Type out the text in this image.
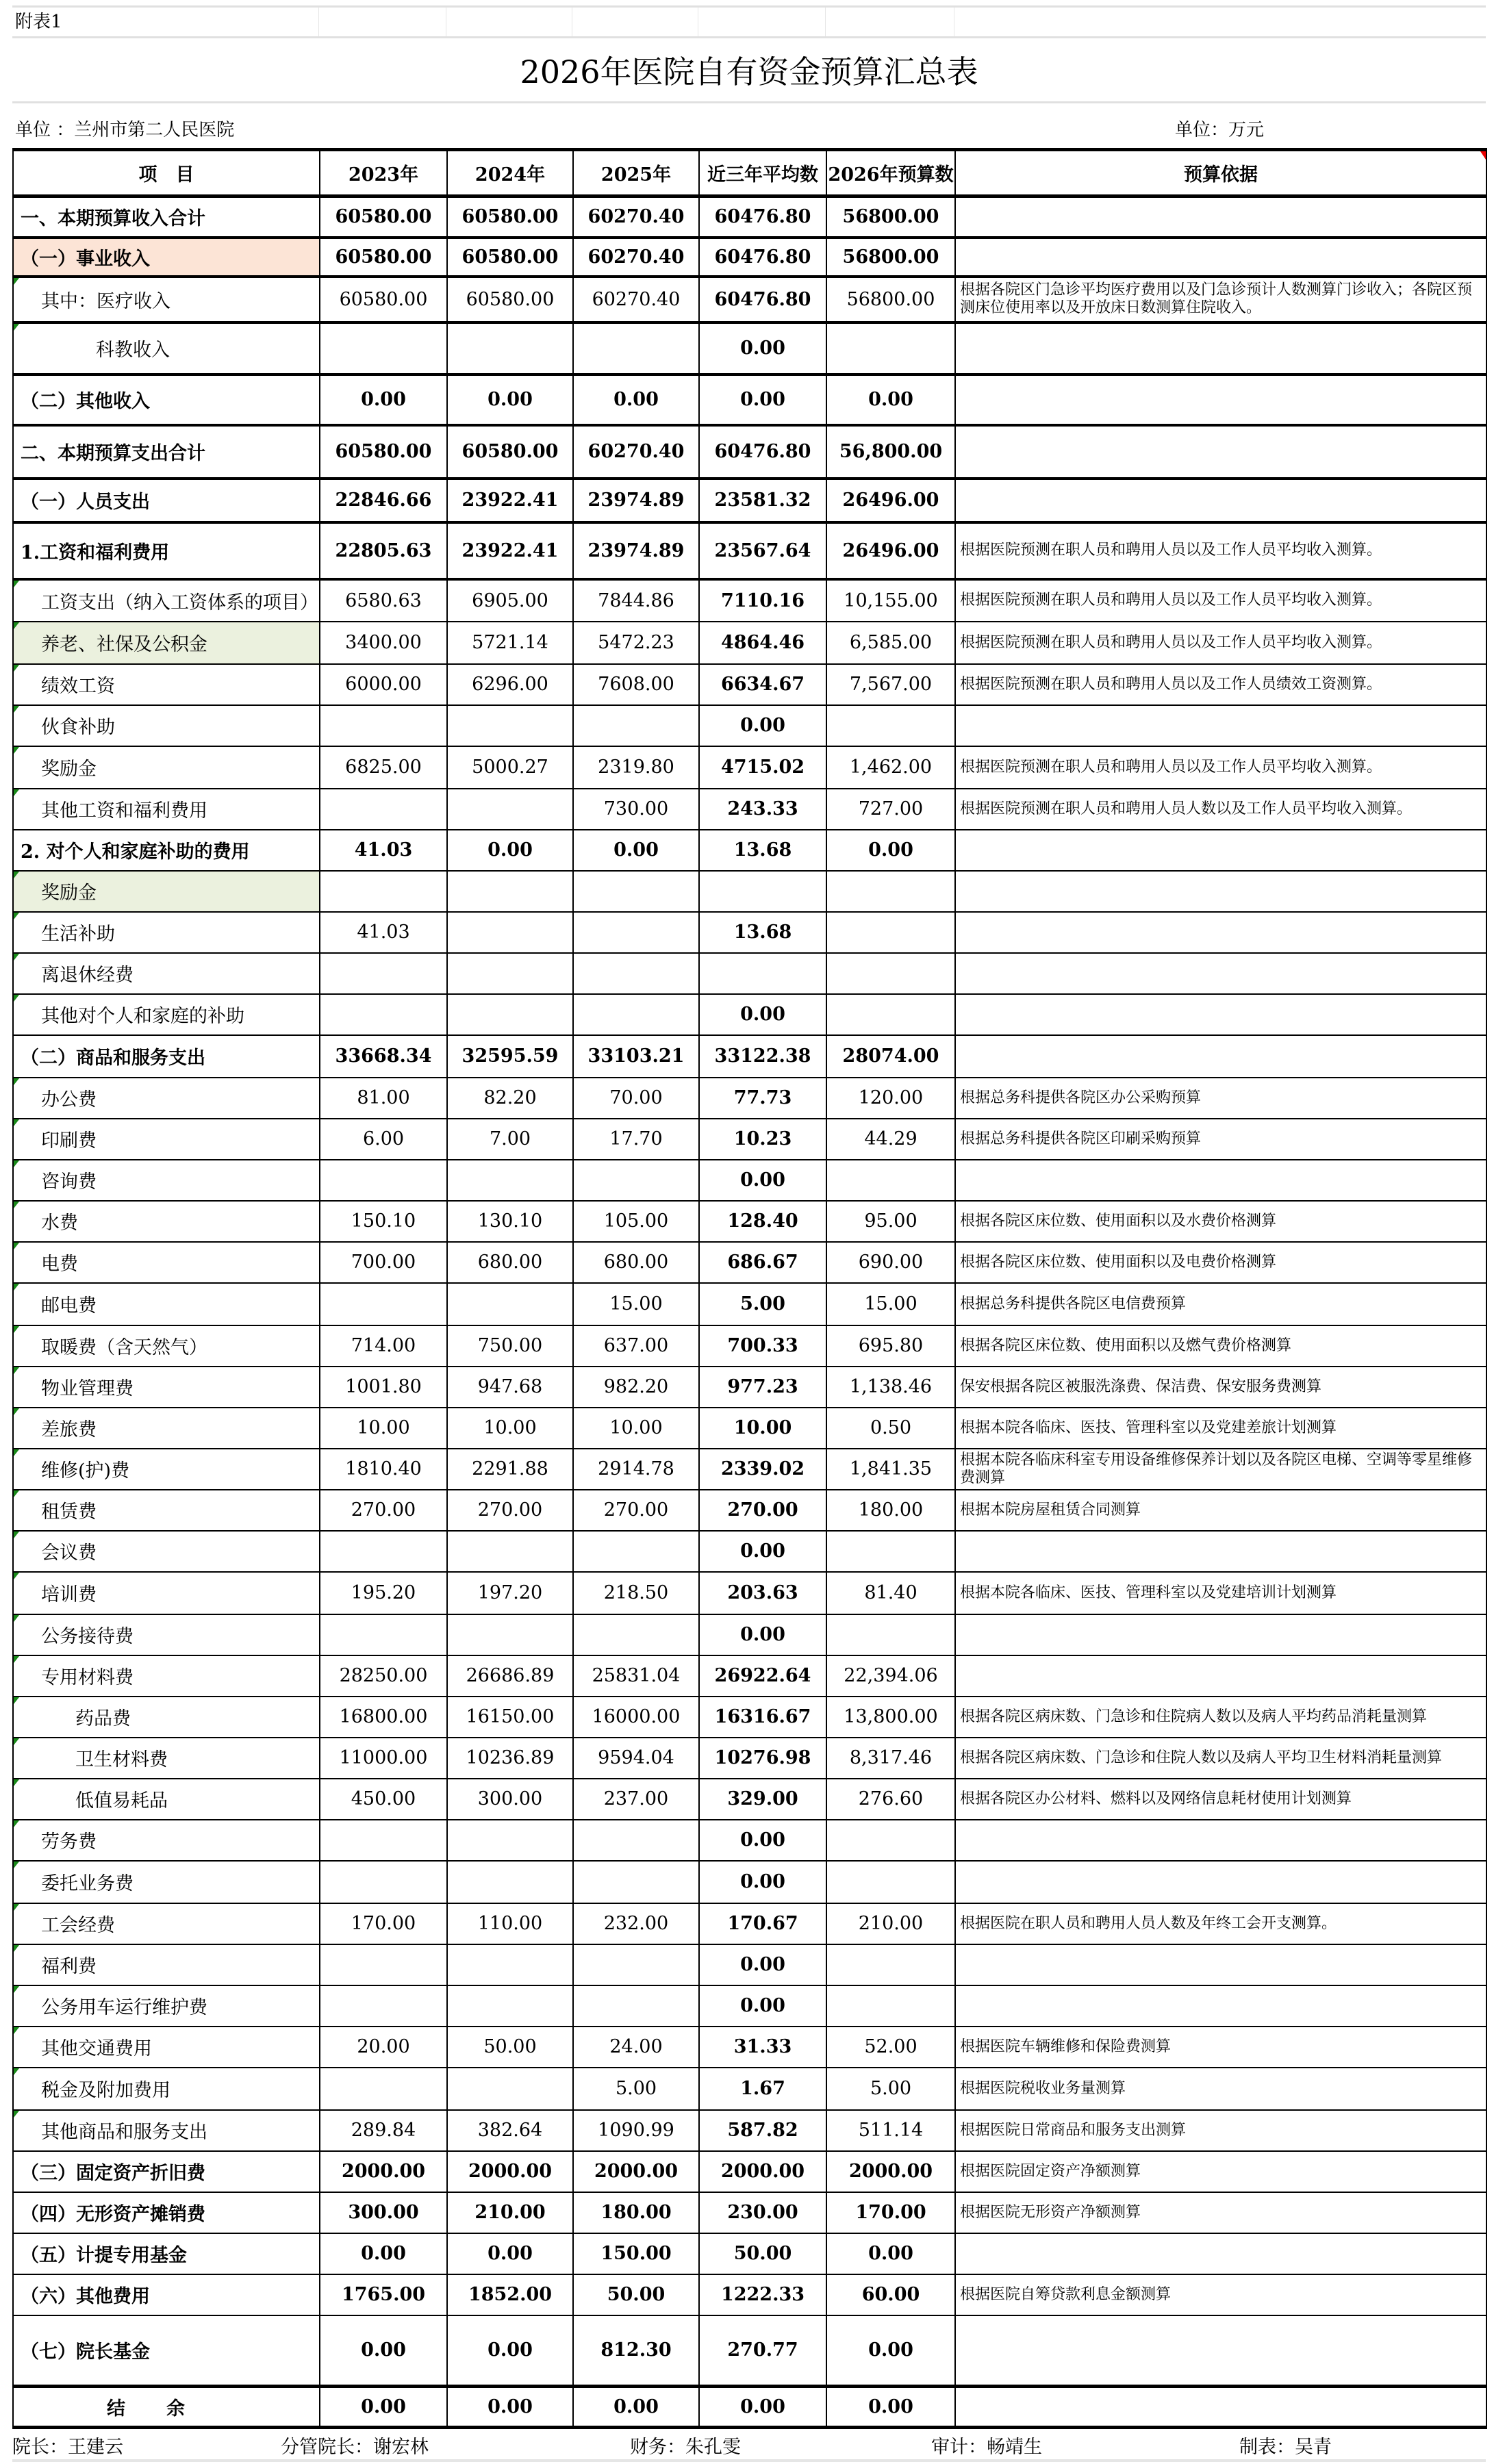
附表1
2026年医院自有资金预算汇总表
单位 ：兰州市第二人民医院	单位：万元
项　目	2023年	2024年	2025年	近三年平均数	2026年预算数	预算依据

一、本期预算收入合计	60580.00	60580.00	60270.40	60476.80	56800.00	
（一）事业收入	60580.00	60580.00	60270.40	60476.80	56800.00	
其中：医疗收入	60580.00	60580.00	60270.40	60476.80	56800.00	根据各院区门急诊平均医疗费用以及门急诊预计人数测算门诊收入；各院区预测床位使用率以及开放床日数测算住院收入。
科教收入				0.00		
（二）其他收入	0.00	0.00	0.00	0.00	0.00	
二、本期预算支出合计	60580.00	60580.00	60270.40	60476.80	56,800.00	
（一）人员支出	22846.66	23922.41	23974.89	23581.32	26496.00	
1.工资和福利费用	22805.63	23922.41	23974.89	23567.64	26496.00	根据医院预测在职人员和聘用人员以及工作人员平均收入测算。
工资支出（纳入工资体系的项目）	6580.63	6905.00	7844.86	7110.16	10,155.00	根据医院预测在职人员和聘用人员以及工作人员平均收入测算。
养老、社保及公积金	3400.00	5721.14	5472.23	4864.46	6,585.00	根据医院预测在职人员和聘用人员以及工作人员平均收入测算。
绩效工资	6000.00	6296.00	7608.00	6634.67	7,567.00	根据医院预测在职人员和聘用人员以及工作人员绩效工资测算。
伙食补助				0.00		
奖励金	6825.00	5000.27	2319.80	4715.02	1,462.00	根据医院预测在职人员和聘用人员以及工作人员平均收入测算。
其他工资和福利费用			730.00	243.33	727.00	根据医院预测在职人员和聘用人员人数以及工作人员平均收入测算。
2. 对个人和家庭补助的费用	41.03	0.00	0.00	13.68	0.00	
奖励金						
生活补助	41.03			13.68		
离退休经费						
其他对个人和家庭的补助				0.00		
（二）商品和服务支出	33668.34	32595.59	33103.21	33122.38	28074.00	
办公费	81.00	82.20	70.00	77.73	120.00	根据总务科提供各院区办公采购预算
印刷费	6.00	7.00	17.70	10.23	44.29	根据总务科提供各院区印刷采购预算
咨询费				0.00		
水费	150.10	130.10	105.00	128.40	95.00	根据各院区床位数、使用面积以及水费价格测算
电费	700.00	680.00	680.00	686.67	690.00	根据各院区床位数、使用面积以及电费价格测算
邮电费			15.00	5.00	15.00	根据总务科提供各院区电信费预算
取暖费（含天然气）	714.00	750.00	637.00	700.33	695.80	根据各院区床位数、使用面积以及燃气费价格测算
物业管理费	1001.80	947.68	982.20	977.23	1,138.46	保安根据各院区被服洗涤费、保洁费、保安服务费测算
差旅费	10.00	10.00	10.00	10.00	0.50	根据本院各临床、医技、管理科室以及党建差旅计划测算
维修(护)费	1810.40	2291.88	2914.78	2339.02	1,841.35	根据本院各临床科室专用设备维修保养计划以及各院区电梯、空调等零星维修费测算
租赁费	270.00	270.00	270.00	270.00	180.00	根据本院房屋租赁合同测算
会议费				0.00		
培训费	195.20	197.20	218.50	203.63	81.40	根据本院各临床、医技、管理科室以及党建培训计划测算
公务接待费				0.00		
专用材料费	28250.00	26686.89	25831.04	26922.64	22,394.06	
药品费	16800.00	16150.00	16000.00	16316.67	13,800.00	根据各院区病床数、门急诊和住院病人数以及病人平均药品消耗量测算
卫生材料费	11000.00	10236.89	9594.04	10276.98	8,317.46	根据各院区病床数、门急诊和住院人数以及病人平均卫生材料消耗量测算
低值易耗品	450.00	300.00	237.00	329.00	276.60	根据各院区办公材料、燃料以及网络信息耗材使用计划测算
劳务费				0.00		
委托业务费				0.00		
工会经费	170.00	110.00	232.00	170.67	210.00	根据医院在职人员和聘用人员人数及年终工会开支测算。
福利费				0.00		
公务用车运行维护费				0.00		
其他交通费用	20.00	50.00	24.00	31.33	52.00	根据医院车辆维修和保险费测算
税金及附加费用			5.00	1.67	5.00	根据医院税收业务量测算
其他商品和服务支出	289.84	382.64	1090.99	587.82	511.14	根据医院日常商品和服务支出测算
（三）固定资产折旧费	2000.00	2000.00	2000.00	2000.00	2000.00	根据医院固定资产净额测算
（四）无形资产摊销费	300.00	210.00	180.00	230.00	170.00	根据医院无形资产净额测算
（五）计提专用基金	0.00	0.00	150.00	50.00	0.00	
（六）其他费用	1765.00	1852.00	50.00	1222.33	60.00	根据医院自筹贷款利息金额测算
（七）院长基金	0.00	0.00	812.30	270.77	0.00	
结余	0.00	0.00	0.00	0.00	0.00	
院长：王建云	分管院长：谢宏林	财务：朱孔雯	审计：畅靖生	制表：吴青
